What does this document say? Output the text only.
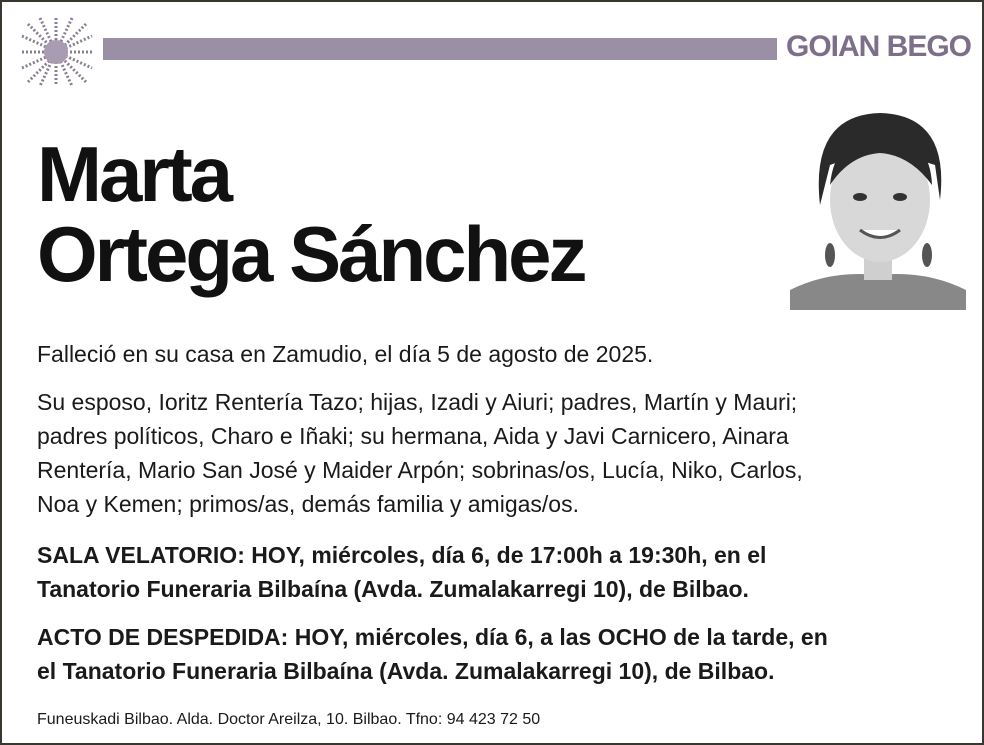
GOIAN BEGO
Marta
Ortega Sánchez
Falleció en su casa en Zamudio, el día 5 de agosto de 2025.
Su esposo, Ioritz Rentería Tazo; hijas, Izadi y Aiuri; padres, Martín y Mauri;
padres políticos, Charo e Iñaki; su hermana, Aida y Javi Carnicero, Ainara
Rentería, Mario San José y Maider Arpón; sobrinas/os, Lucía, Niko, Carlos,
Noa y Kemen; primos/as, demás familia y amigas/os.
SALA VELATORIO: HOY, miércoles, día 6, de 17:00h a 19:30h, en el
Tanatorio Funeraria Bilbaína (Avda. Zumalakarregi 10), de Bilbao.
ACTO DE DESPEDIDA: HOY, miércoles, día 6, a las OCHO de la tarde, en
el Tanatorio Funeraria Bilbaína (Avda. Zumalakarregi 10), de Bilbao.
Funeuskadi Bilbao. Alda. Doctor Areilza, 10. Bilbao. Tfno: 94 423 72 50
